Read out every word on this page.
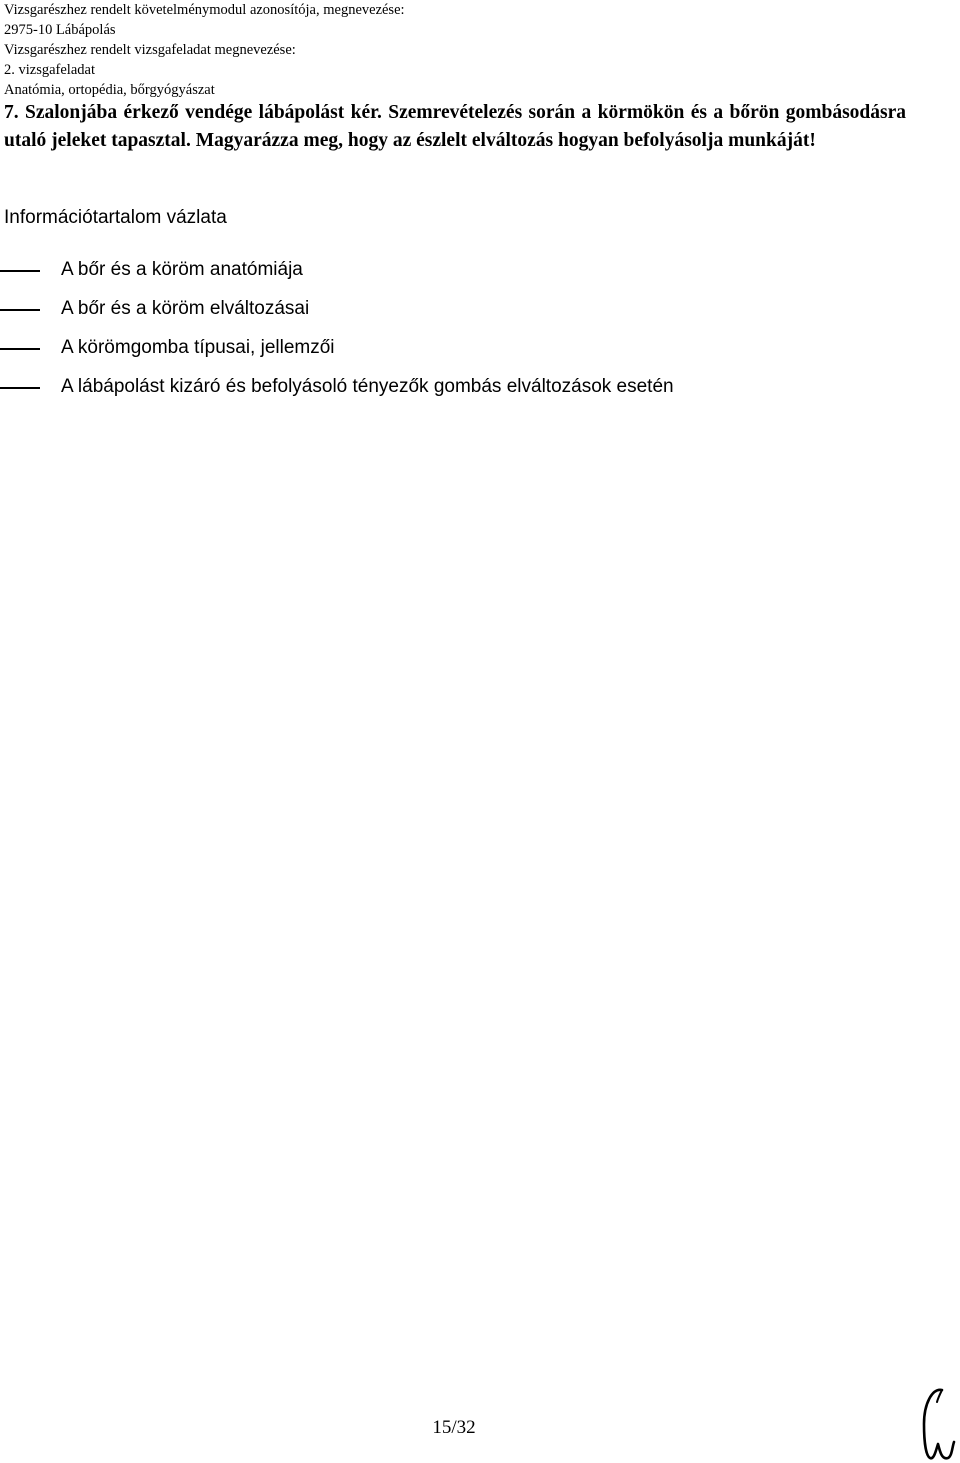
Vizsgarészhez rendelt követelménymodul azonosítója, megnevezése:
2975-10 Lábápolás
Vizsgarészhez rendelt vizsgafeladat megnevezése:
2. vizsgafeladat
Anatómia, ortopédia, bőrgyógyászat
7. Szalonjába érkező vendége lábápolást kér. Szemrevételezés során a körmökön és a bőrön gombásodásra utaló jeleket tapasztal. Magyarázza meg, hogy az észlelt elváltozás hogyan befolyásolja munkáját!
Információtartalom vázlata
A bőr és a köröm anatómiája
A bőr és a köröm elváltozásai
A körömgomba típusai, jellemzői
A lábápolást kizáró és befolyásoló tényezők gombás elváltozások esetén
15/32
